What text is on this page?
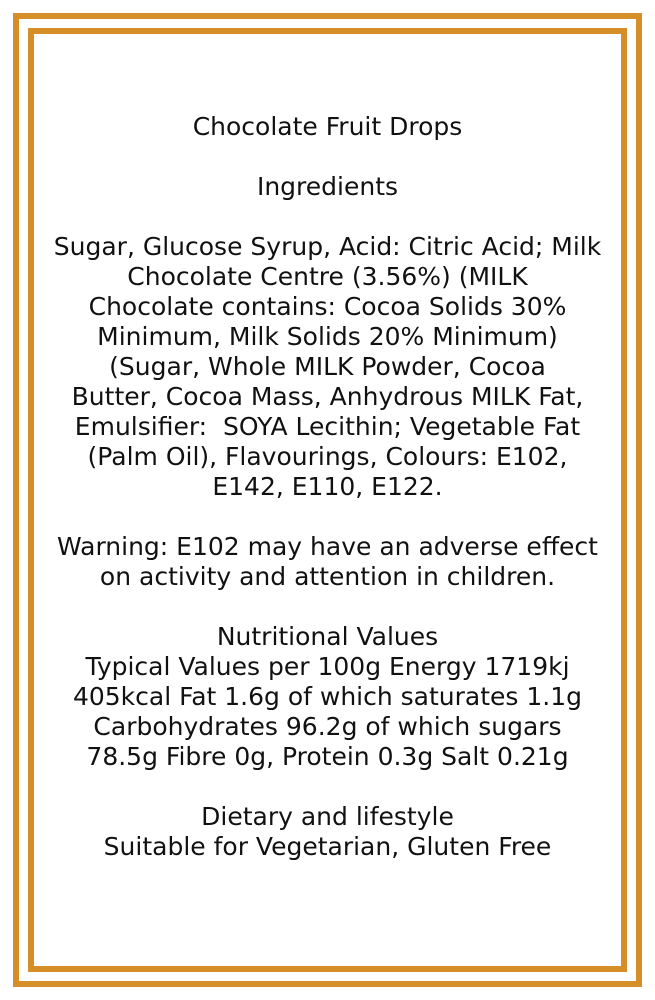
Chocolate Fruit Drops
Ingredients
Sugar, Glucose Syrup, Acid: Citric Acid; Milk
Chocolate Centre (3.56%) (MILK
Chocolate contains: Cocoa Solids 30%
Minimum, Milk Solids 20% Minimum)
(Sugar, Whole MILK Powder, Cocoa
Butter, Cocoa Mass, Anhydrous MILK Fat,
Emulsifier:  SOYA Lecithin; Vegetable Fat
(Palm Oil), Flavourings, Colours: E102,
E142, E110, E122.
Warning: E102 may have an adverse effect
on activity and attention in children.
Nutritional Values
Typical Values per 100g Energy 1719kj
405kcal Fat 1.6g of which saturates 1.1g
Carbohydrates 96.2g of which sugars
78.5g Fibre 0g, Protein 0.3g Salt 0.21g
Dietary and lifestyle
Suitable for Vegetarian, Gluten Free
